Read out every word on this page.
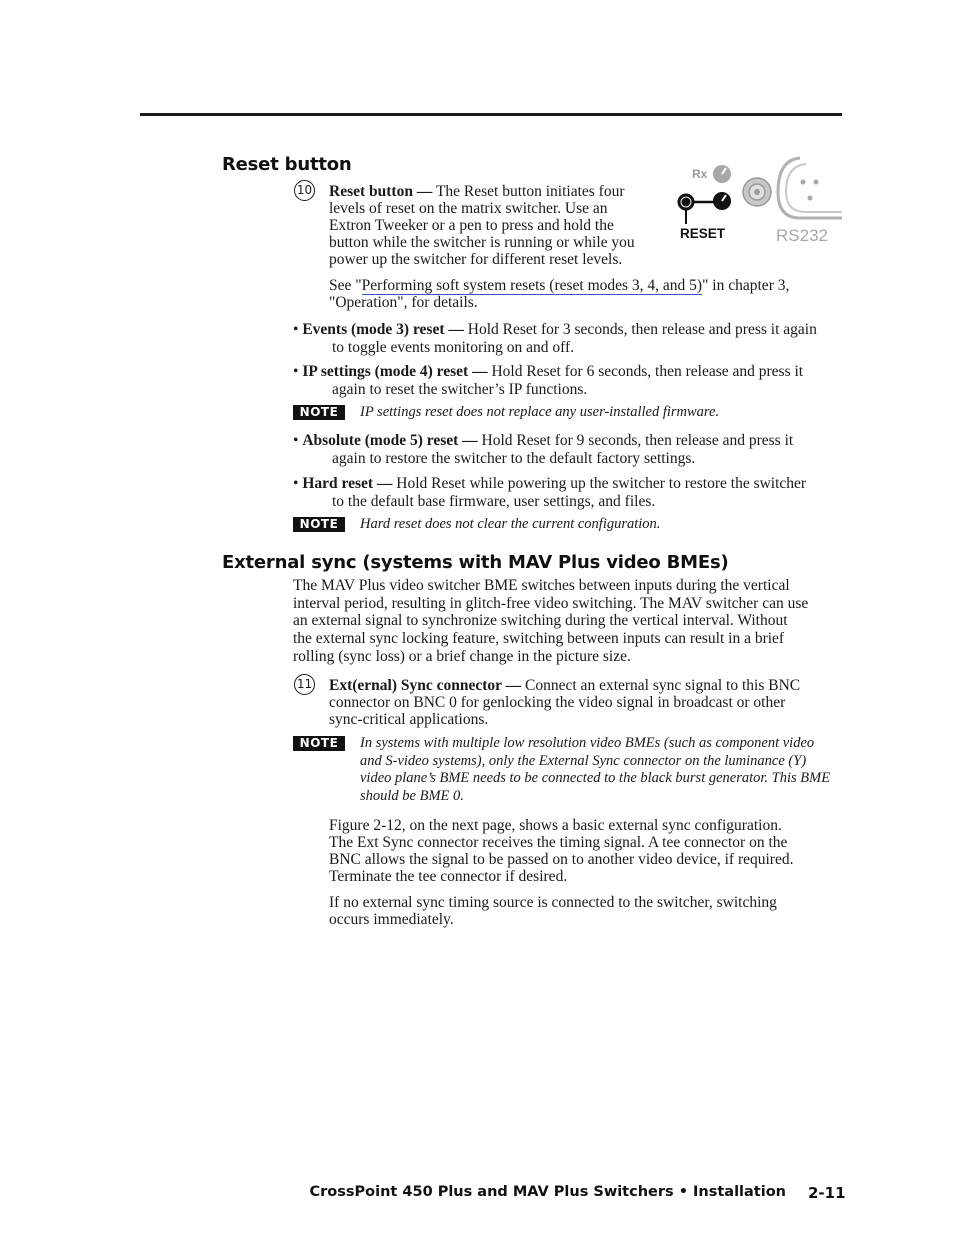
Reset button
10 Reset button — The Reset button initiates four
levels of reset on the matrix switcher. Use an
Extron Tweeker or a pen to press and hold the
button while the switcher is running or while you
power up the switcher for different reset levels.
Rx
RESET	RS232
See "Performing soft system resets (reset modes 3, 4, and 5)" in chapter 3,
"Operation", for details.
• Events (mode 3) reset — Hold Reset for 3 seconds, then release and press it again
to toggle events monitoring on and off.
• IP settings (mode 4) reset — Hold Reset for 6 seconds, then release and press it
again to reset the switcher’s IP functions.
NOTE	IP settings reset does not replace any user-installed firmware.
• Absolute (mode 5) reset — Hold Reset for 9 seconds, then release and press it
again to restore the switcher to the default factory settings.
• Hard reset — Hold Reset while powering up the switcher to restore the switcher
to the default base firmware, user settings, and files.
NOTE	Hard reset does not clear the current configuration.
External sync (systems with MAV Plus video BMEs)
The MAV Plus video switcher BME switches between inputs during the vertical
interval period, resulting in glitch-free video switching. The MAV switcher can use
an external signal to synchronize switching during the vertical interval. Without
the external sync locking feature, switching between inputs can result in a brief
rolling (sync loss) or a brief change in the picture size.
11 Ext(ernal) Sync connector — Connect an external sync signal to this BNC
connector on BNC 0 for genlocking the video signal in broadcast or other
sync-critical applications.
NOTE	In systems with multiple low resolution video BMEs (such as component video
and S-video systems), only the External Sync connector on the luminance (Y)
video plane’s BME needs to be connected to the black burst generator. This BME
should be BME 0.
Figure 2-12, on the next page, shows a basic external sync configuration.
The Ext Sync connector receives the timing signal. A tee connector on the
BNC allows the signal to be passed on to another video device, if required.
Terminate the tee connector if desired.
If no external sync timing source is connected to the switcher, switching
occurs immediately.
CrossPoint 450 Plus and MAV Plus Switchers • Installation 2-11
